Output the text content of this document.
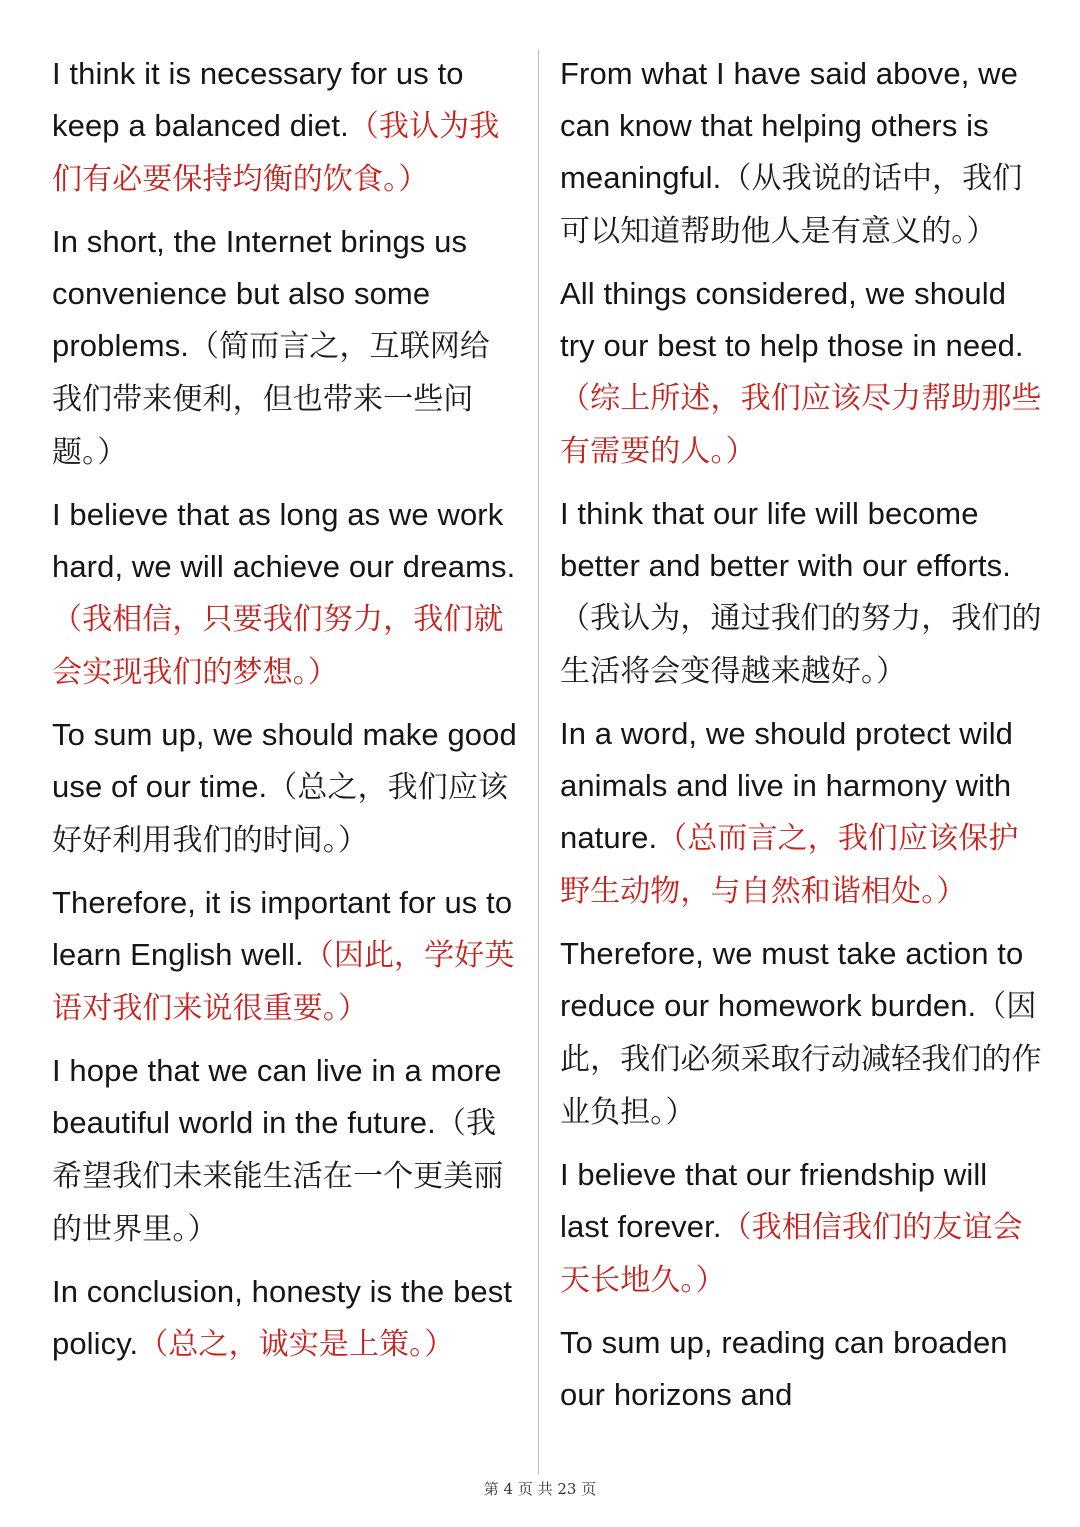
I think it is necessary for us to keep a balanced diet.（我认为我们有必要保持均衡的饮食。）

In short, the Internet brings us convenience but also some problems.（简而言之，互联网给我们带来便利，但也带来一些问题。）

I believe that as long as we work hard, we will achieve our dreams.（我相信，只要我们努力，我们就会实现我们的梦想。）

To sum up, we should make good use of our time.（总之，我们应该好好利用我们的时间。）

Therefore, it is important for us to learn English well.（因此，学好英语对我们来说很重要。）

I hope that we can live in a more beautiful world in the future.（我希望我们未来能生活在一个更美丽的世界里。）

In conclusion, honesty is the best policy.（总之，诚实是上策。）

From what I have said above, we can know that helping others is meaningful.（从我说的话中，我们可以知道帮助他人是有意义的。）

All things considered, we should try our best to help those in need.（综上所述，我们应该尽力帮助那些有需要的人。）

I think that our life will become better and better with our efforts.（我认为，通过我们的努力，我们的生活将会变得越来越好。）

In a word, we should protect wild animals and live in harmony with nature.（总而言之，我们应该保护野生动物，与自然和谐相处。）

Therefore, we must take action to reduce our homework burden.（因此，我们必须采取行动减轻我们的作业负担。）

I believe that our friendship will last forever.（我相信我们的友谊会天长地久。）

To sum up, reading can broaden our horizons and

第 4 页 共 23 页
